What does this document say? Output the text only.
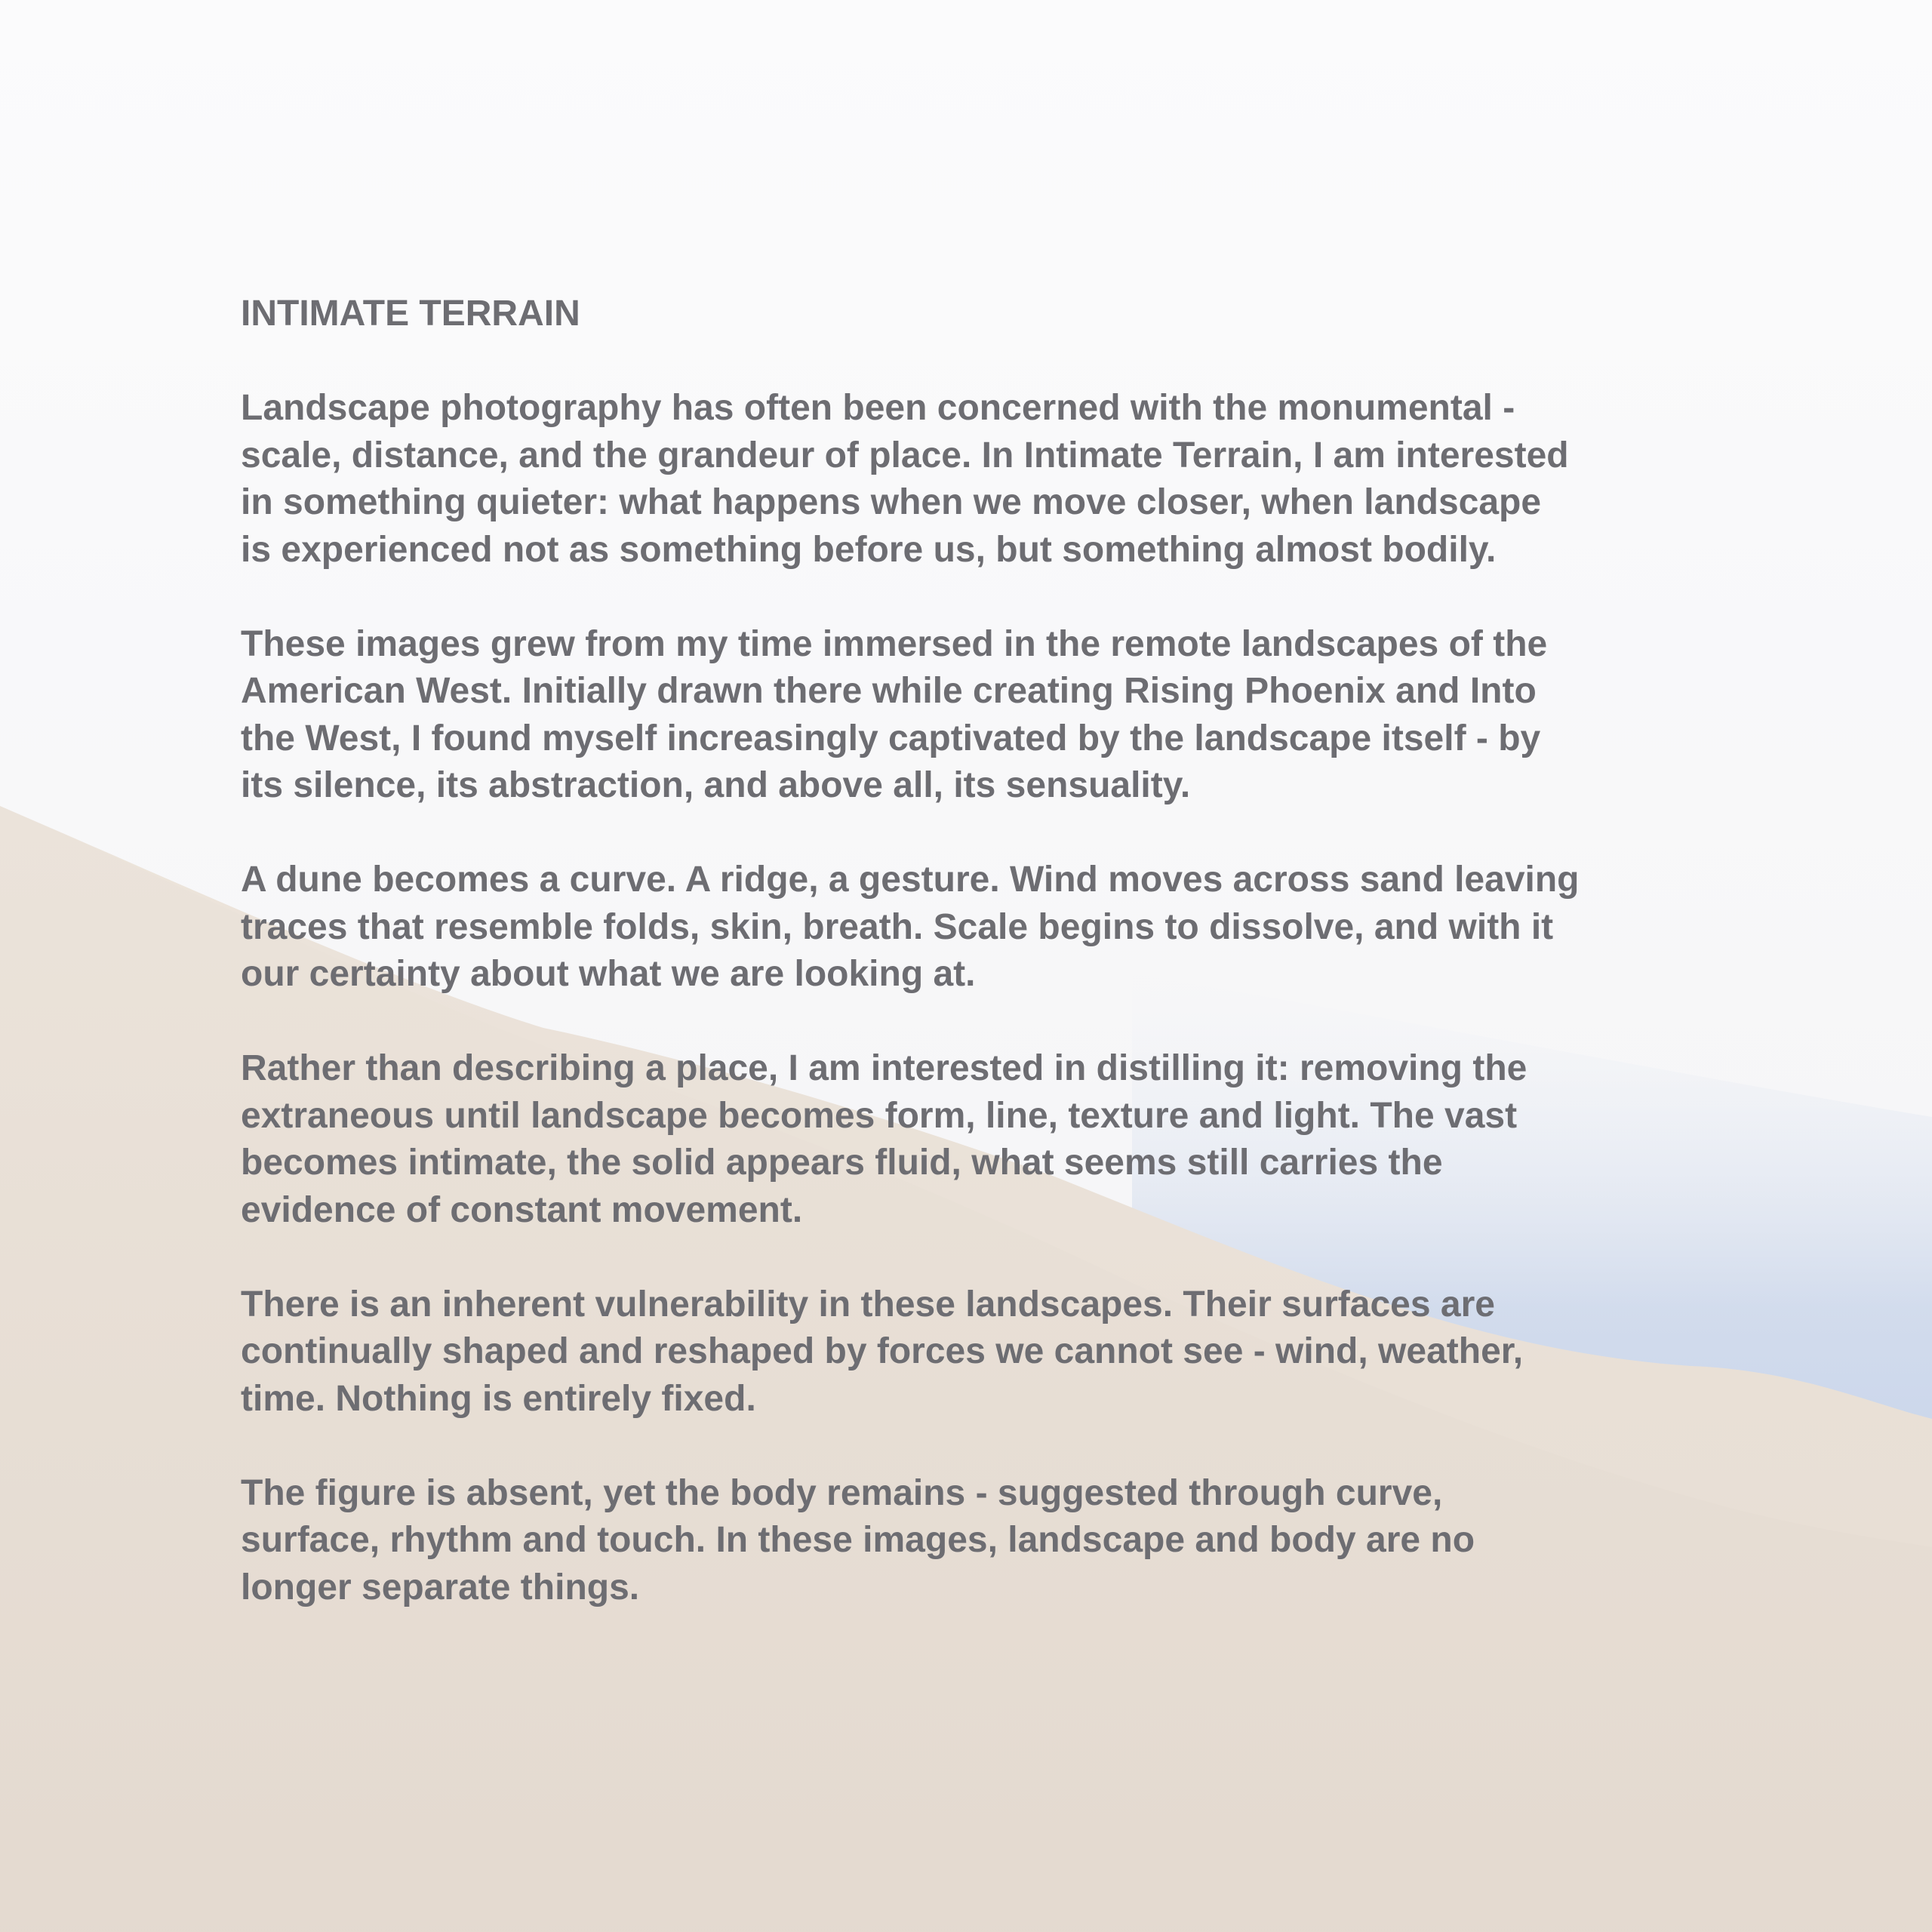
INTIMATE TERRAIN
Landscape photography has often been concerned with the monumental -
scale, distance, and the grandeur of place. In Intimate Terrain, I am interested
in something quieter: what happens when we move closer, when landscape
is experienced not as something before us, but something almost bodily.
These images grew from my time immersed in the remote landscapes of the
American West. Initially drawn there while creating Rising Phoenix and Into
the West, I found myself increasingly captivated by the landscape itself - by
its silence, its abstraction, and above all, its sensuality.
A dune becomes a curve. A ridge, a gesture. Wind moves across sand leaving
traces that resemble folds, skin, breath. Scale begins to dissolve, and with it
our certainty about what we are looking at.
Rather than describing a place, I am interested in distilling it: removing the
extraneous until landscape becomes form, line, texture and light. The vast
becomes intimate, the solid appears fluid, what seems still carries the
evidence of constant movement.
There is an inherent vulnerability in these landscapes. Their surfaces are
continually shaped and reshaped by forces we cannot see - wind, weather,
time. Nothing is entirely fixed.
The figure is absent, yet the body remains - suggested through curve,
surface, rhythm and touch. In these images, landscape and body are no
longer separate things.
